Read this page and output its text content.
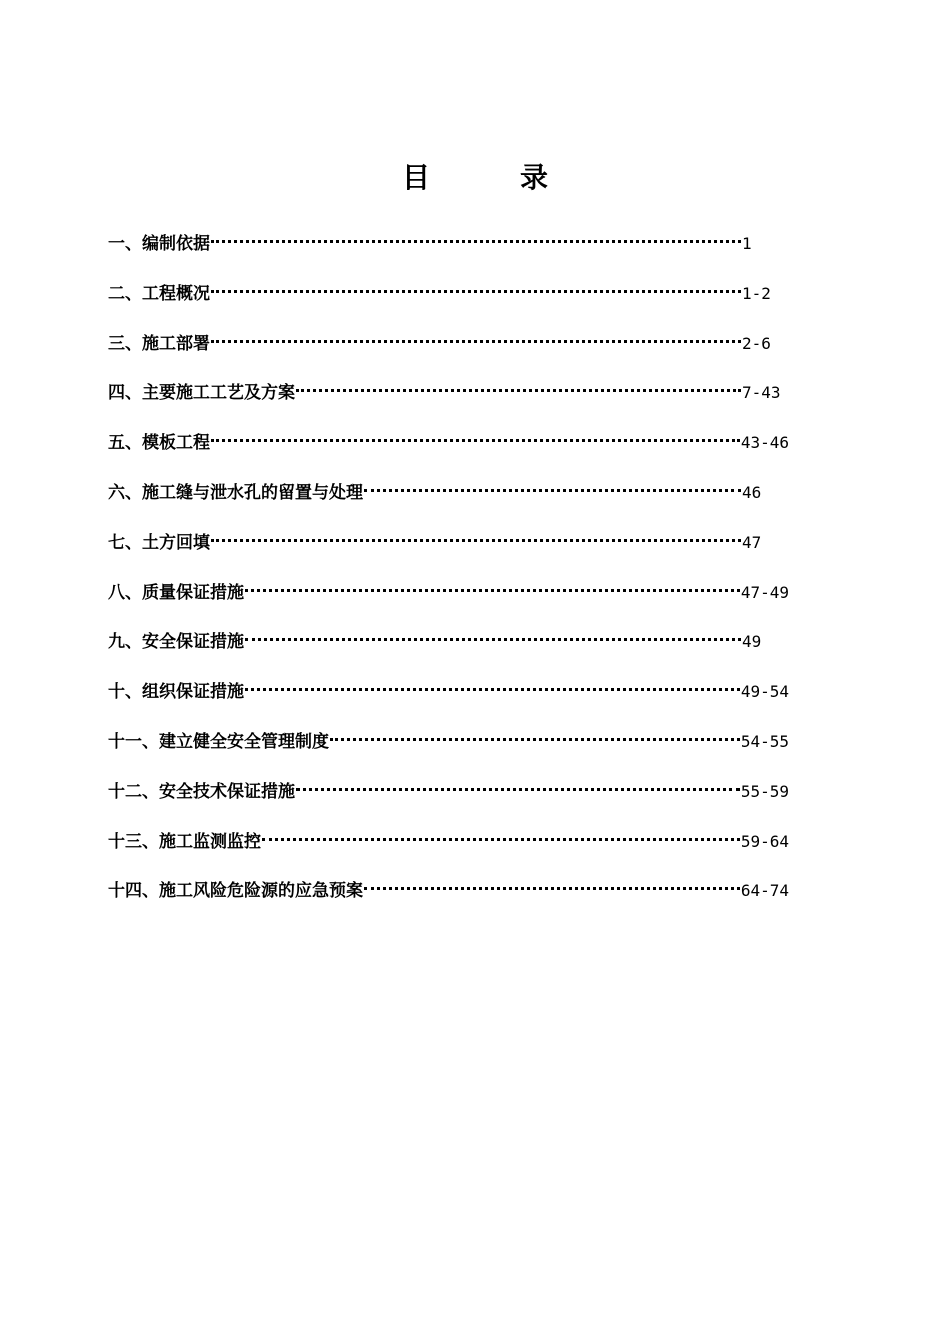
目	录
一、编制依据	1
二、工程概况	1-2
三、施工部署	2-6
四、主要施工工艺及方案	7-43
五、模板工程	43-46
六、施工缝与泄水孔的留置与处理	46
七、土方回填	47
八、质量保证措施	47-49
九、安全保证措施	49
十、组织保证措施	49-54
十一、建立健全安全管理制度	54-55
十二、安全技术保证措施	55-59
十三、施工监测监控	59-64
十四、施工风险危险源的应急预案	64-74
